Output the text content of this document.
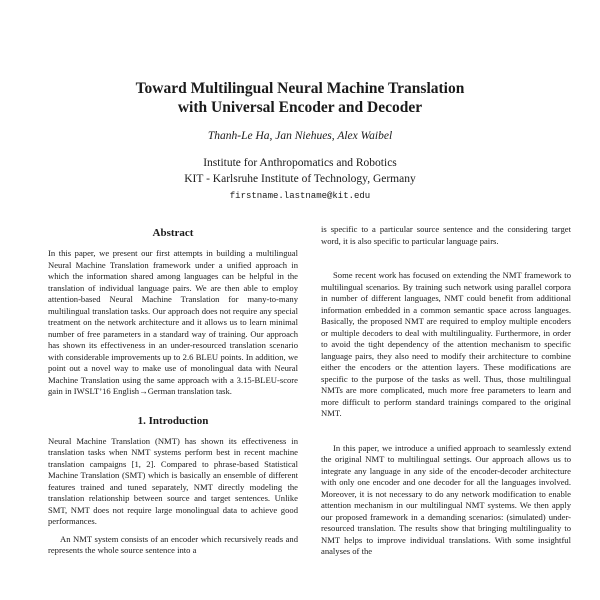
Toward Multilingual Neural Machine Translation
with Universal Encoder and Decoder
Thanh-Le Ha, Jan Niehues, Alex Waibel
Institute for Anthropomatics and Robotics
KIT - Karlsruhe Institute of Technology, Germany
firstname.lastname@kit.edu
Abstract

In this paper, we present our first attempts in building a multilingual Neural Machine Translation framework under a unified approach in which the information shared among languages can be helpful in the translation of individual language pairs. We are then able to employ attention-based Neural Machine Translation for many-to-many multilingual translation tasks. Our approach does not require any special treatment on the network architecture and it allows us to learn minimal number of free parameters in a standard way of training. Our approach has shown its effectiveness in an under-resourced translation scenario with considerable improvements up to 2.6 BLEU points. In addition, we point out a novel way to make use of monolingual data with Neural Machine Translation using the same approach with a 3.15-BLEU-score gain in IWSLT’16 English→German translation task.

1. Introduction

Neural Machine Translation (NMT) has shown its effectiveness in translation tasks when NMT systems perform best in recent machine translation campaigns [1, 2]. Compared to phrase-based Statistical Machine Translation (SMT) which is basically an ensemble of different features trained and tuned separately, NMT directly modeling the translation relationship between source and target sentences. Unlike SMT, NMT does not require large monolingual data to achieve good performances.

An NMT system consists of an encoder which recursively reads and represents the whole source sentence into a

is specific to a particular source sentence and the considering target word, it is also specific to particular language pairs.

Some recent work has focused on extending the NMT framework to multilingual scenarios. By training such network using parallel corpora in number of different languages, NMT could benefit from additional information embedded in a common semantic space across languages. Basically, the proposed NMT are required to employ multiple encoders or multiple decoders to deal with multilinguality. Furthermore, in order to avoid the tight dependency of the attention mechanism to specific language pairs, they also need to modify their architecture to combine either the encoders or the attention layers. These modifications are specific to the purpose of the tasks as well. Thus, those multilingual NMTs are more complicated, much more free parameters to learn and more difficult to perform standard trainings compared to the original NMT.

In this paper, we introduce a unified approach to seamlessly extend the original NMT to multilingual settings. Our approach allows us to integrate any language in any side of the encoder-decoder architecture with only one encoder and one decoder for all the languages involved. Moreover, it is not necessary to do any network modification to enable attention mechanism in our multilingual NMT systems. We then apply our proposed framework in a demanding scenarios: (simulated) under-resourced translation. The results show that bringing multilinguality to NMT helps to improve individual translations. With some insightful analyses of the
